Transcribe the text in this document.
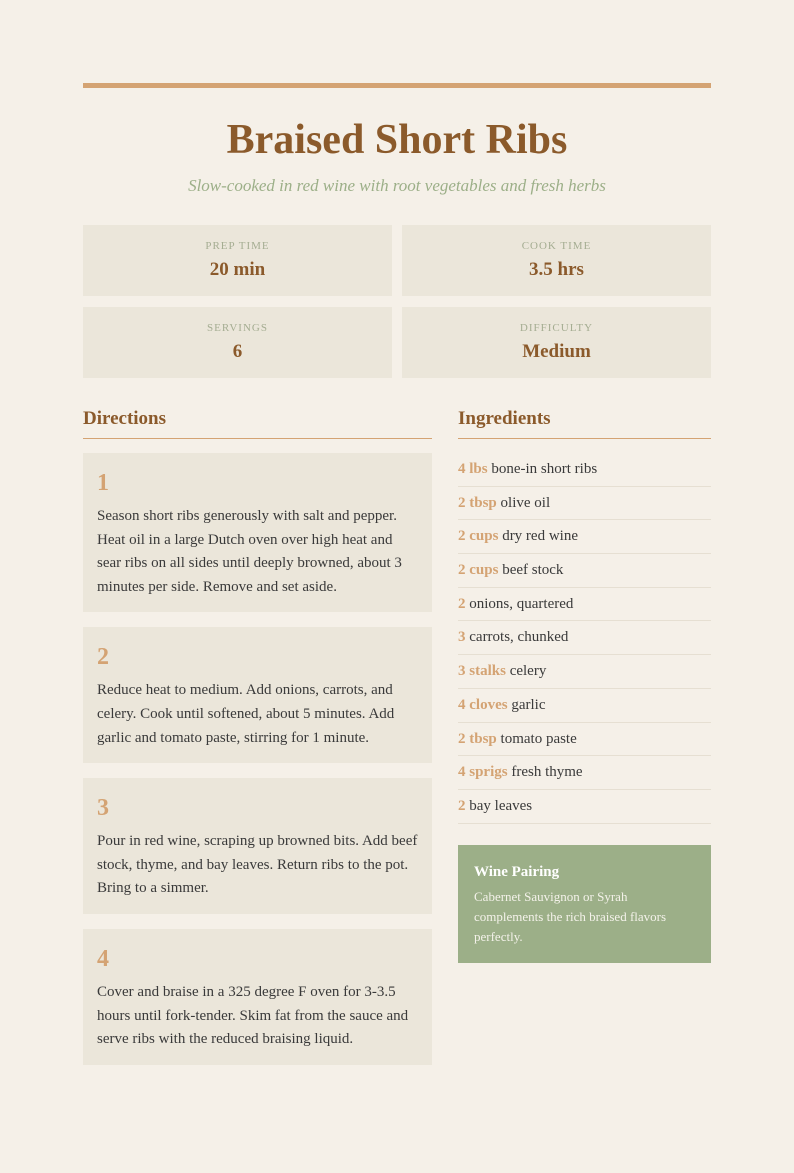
Braised Short Ribs

Slow-cooked in red wine with root vegetables and fresh herbs

PREP TIME
20 min
COOK TIME
3.5 hrs
SERVINGS
6
DIFFICULTY
Medium
Directions
1

Season short ribs generously with salt and pepper. Heat oil in a large Dutch oven over high heat and sear ribs on all sides until deeply browned, about 3 minutes per side. Remove and set aside.

2

Reduce heat to medium. Add onions, carrots, and celery. Cook until softened, about 5 minutes. Add garlic and tomato paste, stirring for 1 minute.

3

Pour in red wine, scraping up browned bits. Add beef stock, thyme, and bay leaves. Return ribs to the pot. Bring to a simmer.

4

Cover and braise in a 325 degree F oven for 3-3.5 hours until fork-tender. Skim fat from the sauce and serve ribs with the reduced braising liquid.

Ingredients
4 lbs bone-in short ribs
2 tbsp olive oil
2 cups dry red wine
2 cups beef stock
2 onions, quartered
3 carrots, chunked
3 stalks celery
4 cloves garlic
2 tbsp tomato paste
4 sprigs fresh thyme
2 bay leaves
Wine Pairing

Cabernet Sauvignon or Syrah complements the rich braised flavors perfectly.
